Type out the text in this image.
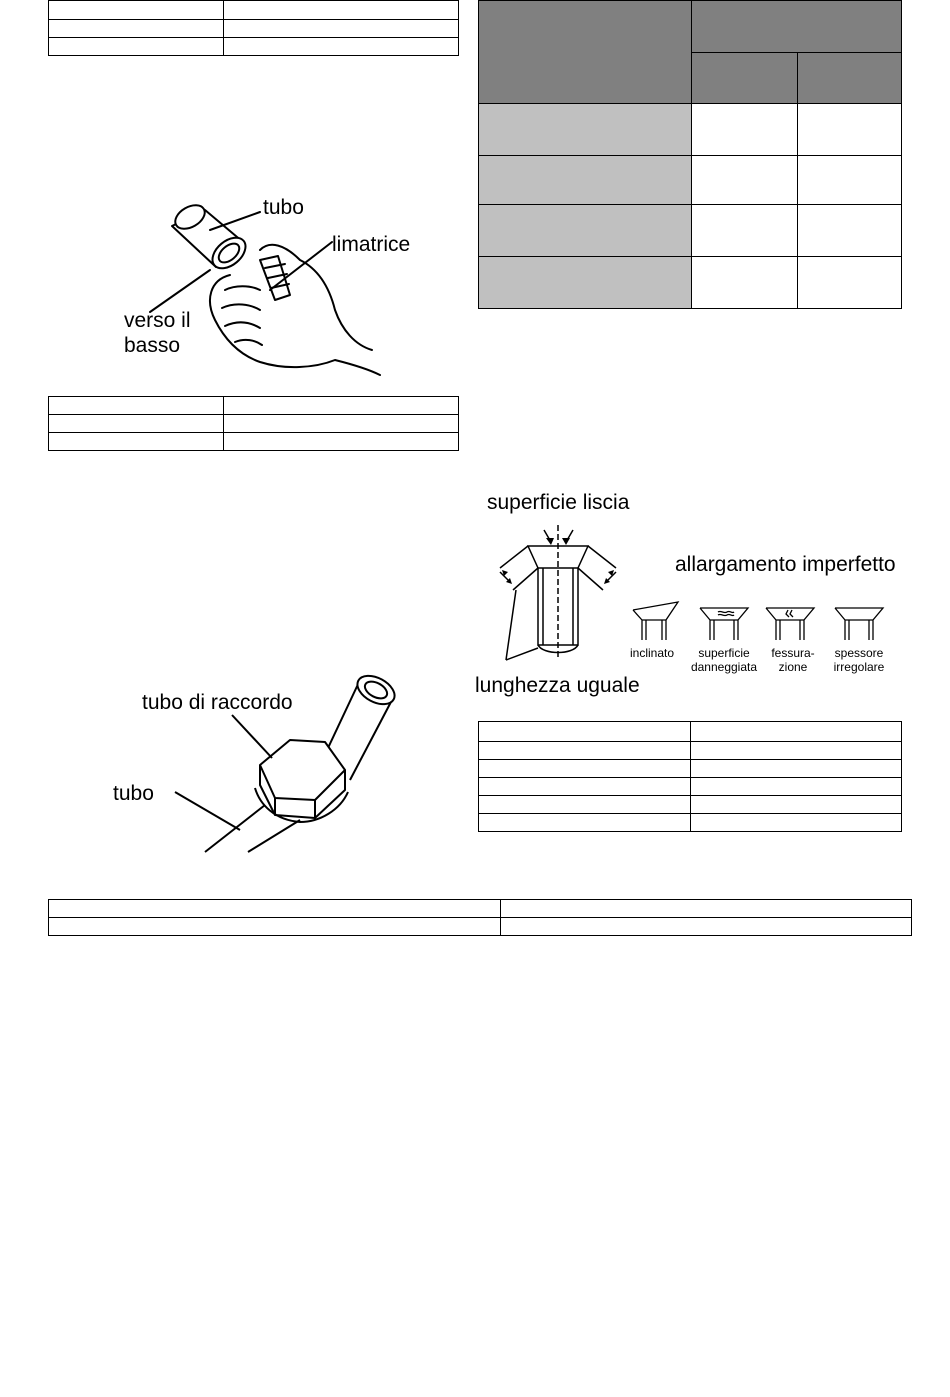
tubo
limatrice
verso il
basso

superficie liscia
allargamento imperfetto
lunghezza uguale
inclinato	superficie
danneggiata
fessura-
zione
spessore
irregolare
tubo di raccordo
tubo
